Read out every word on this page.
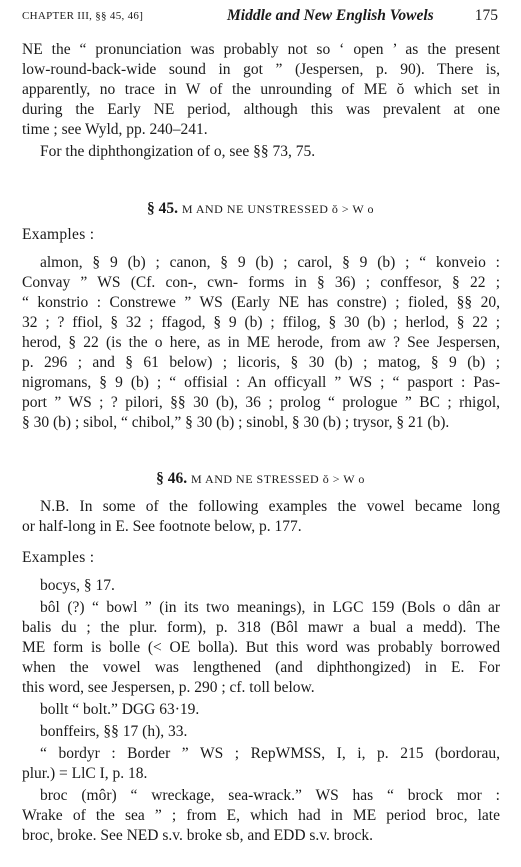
CHAPTER III, §§ 45, 46]	Middle and New English Vowels	175
NE the “ pronunciation was probably not so ‘ open ’ as the present
low-round-back-wide sound in got ” (Jespersen, p. 90). There is,
apparently, no trace in W of the unrounding of ME ŏ which set in
during the Early NE period, although this was prevalent at one
time ; see Wyld, pp. 240–241.
For the diphthongization of o, see §§ 73, 75.
§ 45. M AND NE UNSTRESSED ŏ > W o
Examples :
almon, § 9 (b) ; canon, § 9 (b) ; carol, § 9 (b) ; “ konveio :
Convay ” WS (Cf. con-, cwn- forms in § 36) ; conffesor, § 22 ;
“ konstrio : Constrewe ” WS (Early NE has constre) ; fioled, §§ 20,
32 ; ? ffiol, § 32 ; ffagod, § 9 (b) ; ffilog, § 30 (b) ; herlod, § 22 ;
herod, § 22 (is the o here, as in ME herode, from aw ? See Jespersen,
p. 296 ; and § 61 below) ; licoris, § 30 (b) ; matog, § 9 (b) ;
nigromans, § 9 (b) ; “ offisial : An officyall ” WS ; “ pasport : Pas-
port ” WS ; ? pilori, §§ 30 (b), 36 ; prolog “ prologue ” BC ; rhigol,
§ 30 (b) ; sibol, “ chibol,” § 30 (b) ; sinobl, § 30 (b) ; trysor, § 21 (b).
§ 46. M AND NE STRESSED ŏ > W o
N.B. In some of the following examples the vowel became long
or half-long in E. See footnote below, p. 177.
Examples :
bocys, § 17.
bôl (?) “ bowl ” (in its two meanings), in LGC 159 (Bols o dân ar
balis du ; the plur. form), p. 318 (Bôl mawr a bual a medd). The
ME form is bolle (< OE bolla). But this word was probably borrowed
when the vowel was lengthened (and diphthongized) in E. For
this word, see Jespersen, p. 290 ; cf. toll below.
bollt “ bolt.” DGG 63·19.
bonffeirs, §§ 17 (h), 33.
“ bordyr : Border ” WS ; RepWMSS, I, i, p. 215 (bordorau,
plur.) = LlC I, p. 18.
broc (môr) “ wreckage, sea-wrack.” WS has “ brock mor :
Wrake of the sea ” ; from E, which had in ME period broc, late
broc, broke. See NED s.v. broke sb, and EDD s.v. brock.
